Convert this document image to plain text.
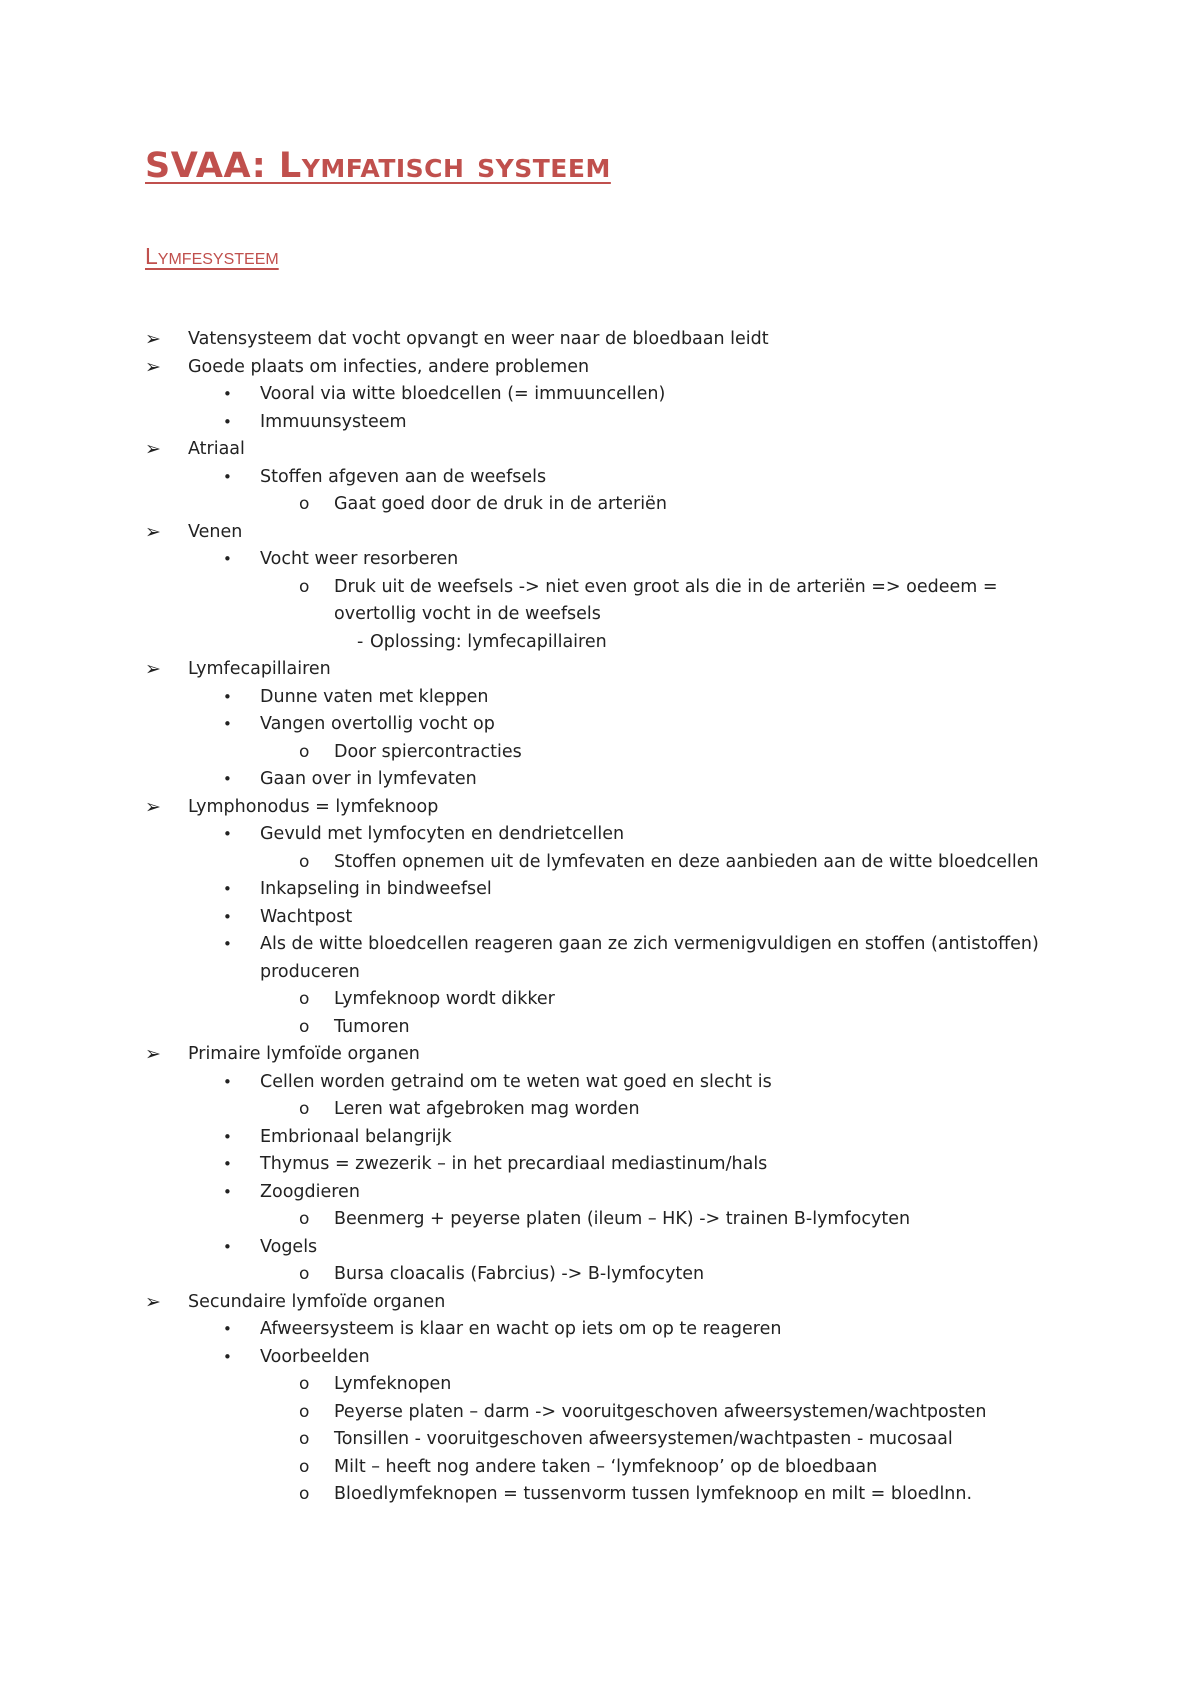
SVAA: Lymfatisch systeem
Lymfesysteem
➢ Vatensysteem dat vocht opvangt en weer naar de bloedbaan leidt
➢ Goede plaats om infecties, andere problemen
• Vooral via witte bloedcellen (= immuuncellen)
• Immuunsysteem
➢ Atriaal
• Stoffen afgeven aan de weefsels
o Gaat goed door de druk in de arteriën
➢ Venen
• Vocht weer resorberen
o Druk uit de weefsels -> niet even groot als die in de arteriën => oedeem =
overtollig vocht in de weefsels
- Oplossing: lymfecapillairen
➢ Lymfecapillairen
• Dunne vaten met kleppen
• Vangen overtollig vocht op
o Door spiercontracties
• Gaan over in lymfevaten
➢ Lymphonodus = lymfeknoop
• Gevuld met lymfocyten en dendrietcellen
o Stoffen opnemen uit de lymfevaten en deze aanbieden aan de witte bloedcellen
• Inkapseling in bindweefsel
• Wachtpost
• Als de witte bloedcellen reageren gaan ze zich vermenigvuldigen en stoffen (antistoffen)
produceren
o Lymfeknoop wordt dikker
o Tumoren
➢ Primaire lymfoïde organen
• Cellen worden getraind om te weten wat goed en slecht is
o Leren wat afgebroken mag worden
• Embrionaal belangrijk
• Thymus = zwezerik – in het precardiaal mediastinum/hals
• Zoogdieren
o Beenmerg + peyerse platen (ileum – HK) -> trainen B-lymfocyten
• Vogels
o Bursa cloacalis (Fabrcius) -> B-lymfocyten
➢ Secundaire lymfoïde organen
• Afweersysteem is klaar en wacht op iets om op te reageren
• Voorbeelden
o Lymfeknopen
o Peyerse platen – darm -> vooruitgeschoven afweersystemen/wachtposten
o Tonsillen - vooruitgeschoven afweersystemen/wachtpasten - mucosaal
o Milt – heeft nog andere taken – ‘lymfeknoop’ op de bloedbaan
o Bloedlymfeknopen = tussenvorm tussen lymfeknoop en milt = bloedlnn.
